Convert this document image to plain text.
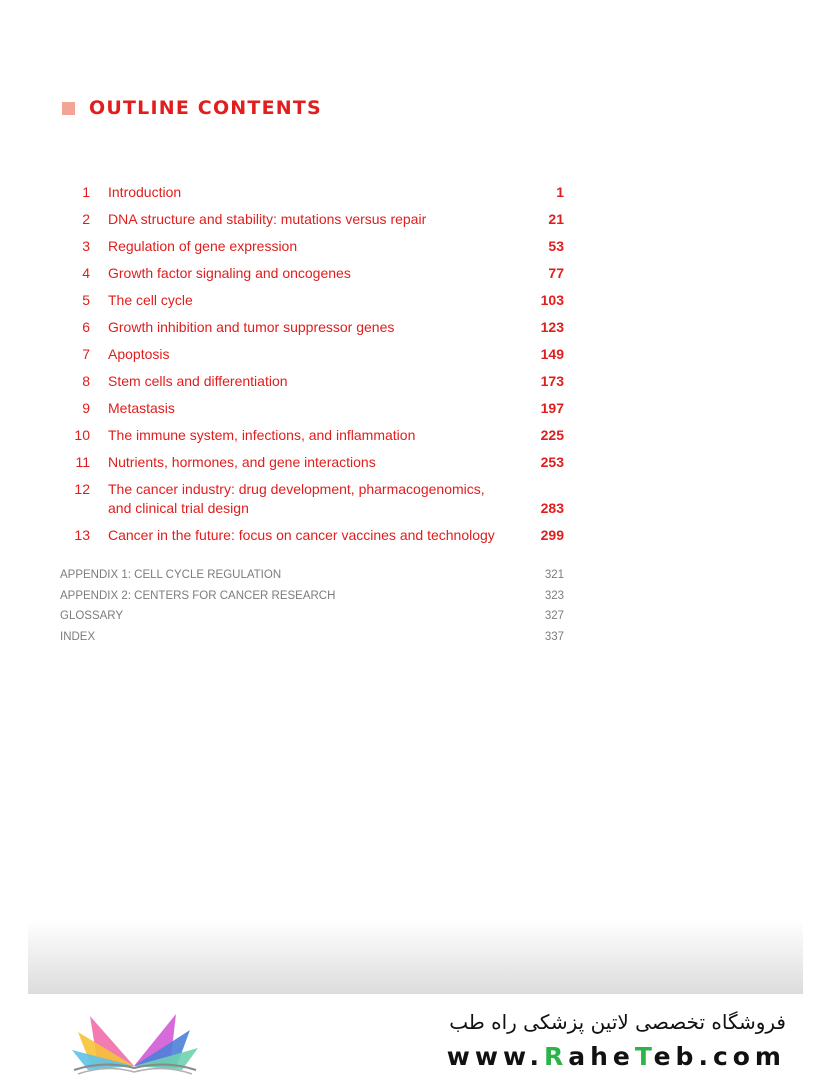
OUTLINE CONTENTS
1 Introduction	1
2 DNA structure and stability: mutations versus repair	21
3 Regulation of gene expression	53
4 Growth factor signaling and oncogenes	77
5 The cell cycle	103
6 Growth inhibition and tumor suppressor genes	123
7 Apoptosis	149
8 Stem cells and differentiation	173
9 Metastasis	197
10 The immune system, infections, and inflammation	225
11 Nutrients, hormones, and gene interactions	253
12 The cancer industry: drug development, pharmacogenomics,
and clinical trial design	283
13 Cancer in the future: focus on cancer vaccines and technology	299
APPENDIX 1: CELL CYCLE REGULATION	321
APPENDIX 2: CENTERS FOR CANCER RESEARCH	323
GLOSSARY	327
INDEX	337
فروشگاه تخصصی لاتین پزشکی راه طب
www.RaheTeb.com
